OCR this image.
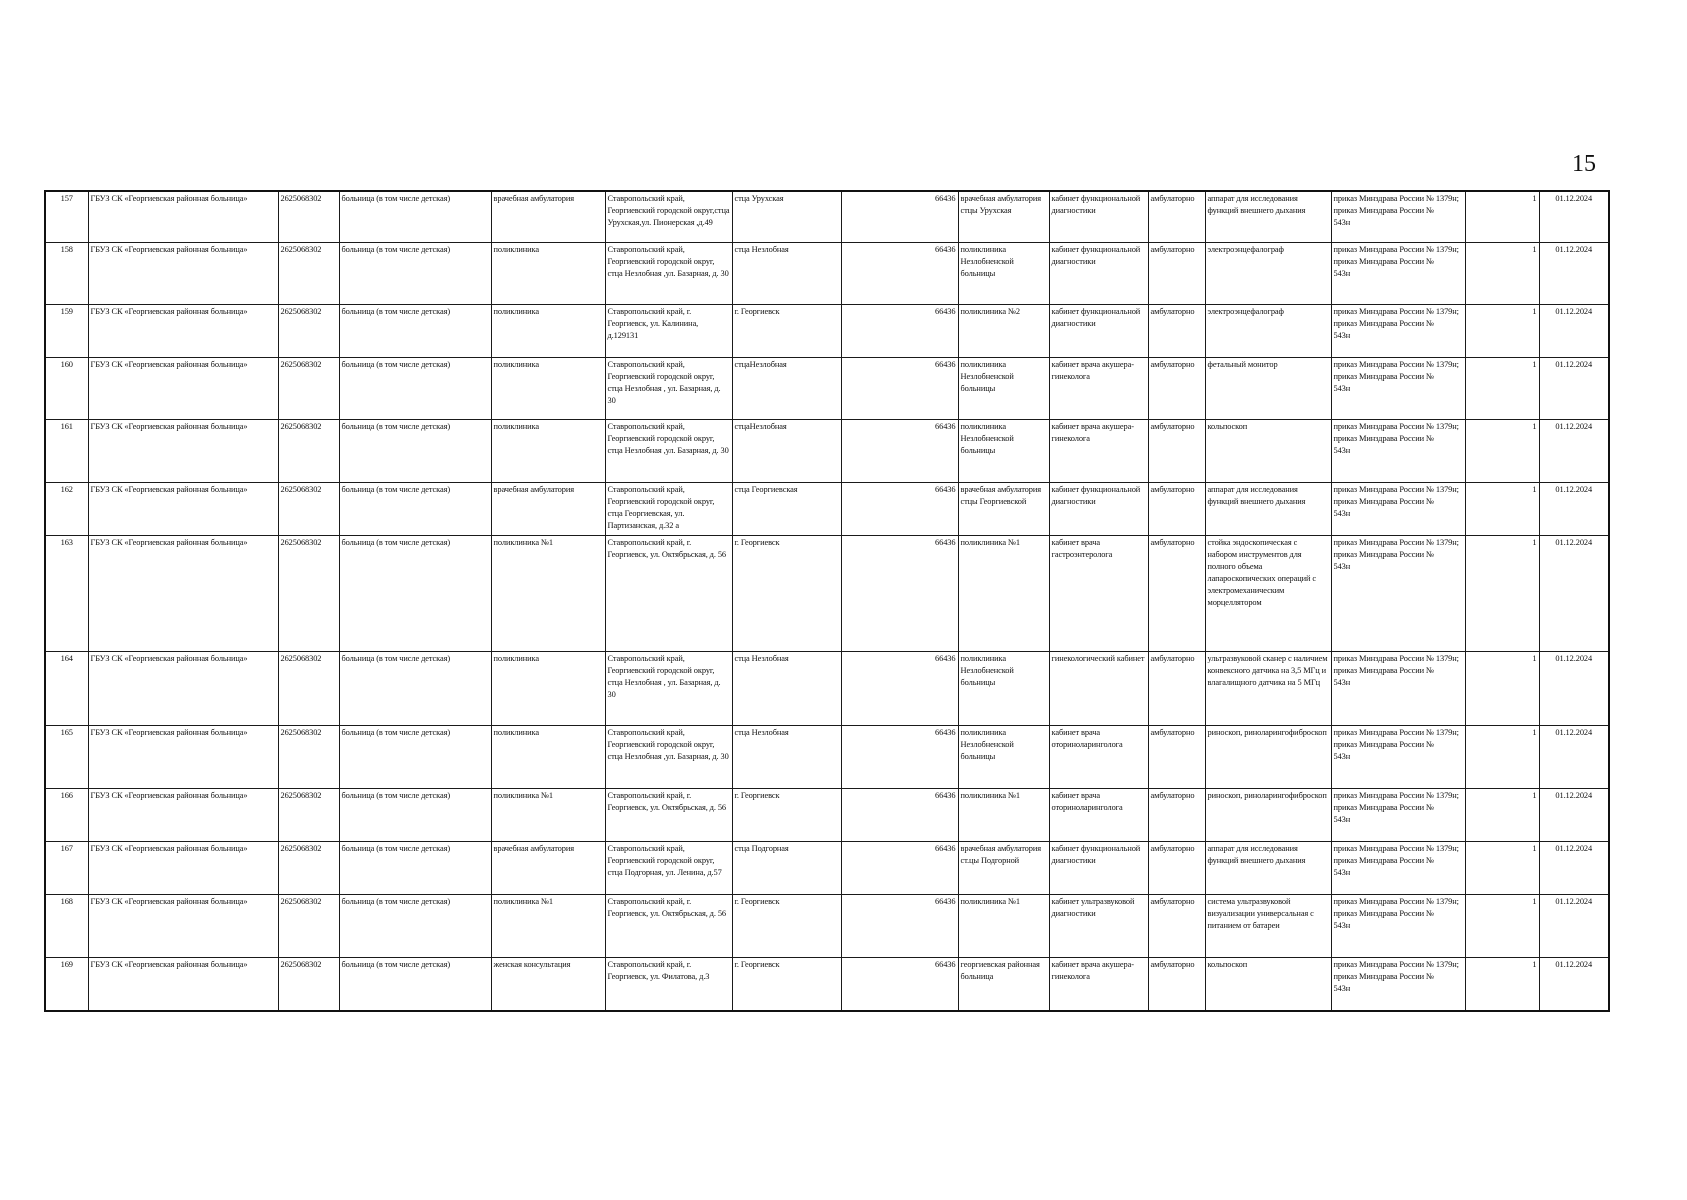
15
157	ГБУЗ СК «Георгиевская районная больница»	2625068302	больница (в том числе детская)	врачебная амбулатория	Ставропольский край, Георгиевский городской округ,стца Урухская,ул. Пионерская ,д.49	стца Урухская	66436	врачебная амбулатория стцы Урухская	кабинет функциональной диагностики	амбулаторно	аппарат для исследования функций внешнего дыхания	приказ Минздрава России № 1379н;
приказ Минздрава России №
543н	1	01.12.2024
158	ГБУЗ СК «Георгиевская районная больница»	2625068302	больница (в том числе детская)	поликлиника	Ставропольский край, Георгиевский городской округ, стца Незлобная ,ул. Базарная, д. 30	стца Незлобная	66436	поликлиника Незлобненской больницы	кабинет функциональной диагностики	амбулаторно	электроэнцефалограф	приказ Минздрава России № 1379н;
приказ Минздрава России №
543н	1	01.12.2024
159	ГБУЗ СК «Георгиевская районная больница»	2625068302	больница (в том числе детская)	поликлиника	Ставропольский край, г. Георгиевск, ул. Калинина, д.129131	г. Георгиевск	66436	поликлиника №2	кабинет функциональной диагностики	амбулаторно	электроэнцефалограф	приказ Минздрава России № 1379н;
приказ Минздрава России №
543н	1	01.12.2024
160	ГБУЗ СК «Георгиевская районная больница»	2625068302	больница (в том числе детская)	поликлиника	Ставропольский край, Георгиевский городской округ, стца Незлобная , ул. Базарная, д. 30	стцаНезлобная	66436	поликлиника Незлобненской больницы	кабинет врача акушера-гинеколога	амбулаторно	фетальный монитор	приказ Минздрава России № 1379н;
приказ Минздрава России №
543н	1	01.12.2024
161	ГБУЗ СК «Георгиевская районная больница»	2625068302	больница (в том числе детская)	поликлиника	Ставропольский край, Георгиевский городской округ, стца Незлобная ,ул. Базарная, д. 30	стцаНезлобная	66436	поликлиника Незлобненской больницы	кабинет врача акушера-гинеколога	амбулаторно	кольпоскоп	приказ Минздрава России № 1379н;
приказ Минздрава России №
543н	1	01.12.2024
162	ГБУЗ СК «Георгиевская районная больница»	2625068302	больница (в том числе детская)	врачебная амбулатория	Ставропольский край, Георгиевский городской округ, стца Георгиевская, ул. Партизанская, д.32 а	стца Георгиевская	66436	врачебная амбулатория стцы Георгиевской	кабинет функциональной диагностики	амбулаторно	аппарат для исследования функций внешнего дыхания	приказ Минздрава России № 1379н;
приказ Минздрава России №
543н	1	01.12.2024
163	ГБУЗ СК «Георгиевская районная больница»	2625068302	больница (в том числе детская)	поликлиника №1	Ставропольский край, г. Георгиевск, ул. Октябрьская, д. 56	г. Георгиевск	66436	поликлиника №1	кабинет врача гастроэнтеролога	амбулаторно	стойка эндоскопическая с набором инструментов для полного объема лапароскопических операций с электромеханическим морцеллятором	приказ Минздрава России № 1379н;
приказ Минздрава России №
543н	1	01.12.2024
164	ГБУЗ СК «Георгиевская районная больница»	2625068302	больница (в том числе детская)	поликлиника	Ставропольский край, Георгиевский городской округ, стца Незлобная , ул. Базарная, д. 30	стца Незлобная	66436	поликлиника Незлобненской больницы	гинекологический кабинет	амбулаторно	ультразвуковой сканер с наличием конвексного датчика на 3,5 МГц и влагалищного датчика на 5 МГц	приказ Минздрава России № 1379н;
приказ Минздрава России №
543н	1	01.12.2024
165	ГБУЗ СК «Георгиевская районная больница»	2625068302	больница (в том числе детская)	поликлиника	Ставропольский край, Георгиевский городской округ, стца Незлобная ,ул. Базарная, д. 30	стца Незлобная	66436	поликлиника Незлобненской больницы	кабинет врача оториноларинголога	амбулаторно	риноскоп, риноларингофиброскоп	приказ Минздрава России № 1379н;
приказ Минздрава России №
543н	1	01.12.2024
166	ГБУЗ СК «Георгиевская районная больница»	2625068302	больница (в том числе детская)	поликлиника №1	Ставропольский край, г. Георгиевск, ул. Октябрьская, д. 56	г. Георгиевск	66436	поликлиника №1	кабинет врача оториноларинголога	амбулаторно	риноскоп, риноларингофиброскоп	приказ Минздрава России № 1379н;
приказ Минздрава России №
543н	1	01.12.2024
167	ГБУЗ СК «Георгиевская районная больница»	2625068302	больница (в том числе детская)	врачебная амбулатория	Ставропольский край, Георгиевский городской округ, стца Подгорная, ул. Ленина, д.57	стца Подгорная	66436	врачебная амбулатория ст.цы Подгорной	кабинет функциональной диагностики	амбулаторно	аппарат для исследования функций внешнего дыхания	приказ Минздрава России № 1379н;
приказ Минздрава России №
543н	1	01.12.2024
168	ГБУЗ СК «Георгиевская районная больница»	2625068302	больница (в том числе детская)	поликлиника №1	Ставропольский край, г. Георгиевск, ул. Октябрьская, д. 56	г. Георгиевск	66436	поликлиника №1	кабинет ультразвуковой диагностики	амбулаторно	система ультразвуковой визуализации универсальная с питанием от батареи	приказ Минздрава России № 1379н;
приказ Минздрава России №
543н	1	01.12.2024
169	ГБУЗ СК «Георгиевская районная больница»	2625068302	больница (в том числе детская)	женская консультация	Ставропольский край, г. Георгиевск, ул. Филатова, д.3	г. Георгиевск	66436	георгиевская районная больница	кабинет врача акушера-гинеколога	амбулаторно	кольпоскоп	приказ Минздрава России № 1379н;
приказ Минздрава России №
543н	1	01.12.2024
